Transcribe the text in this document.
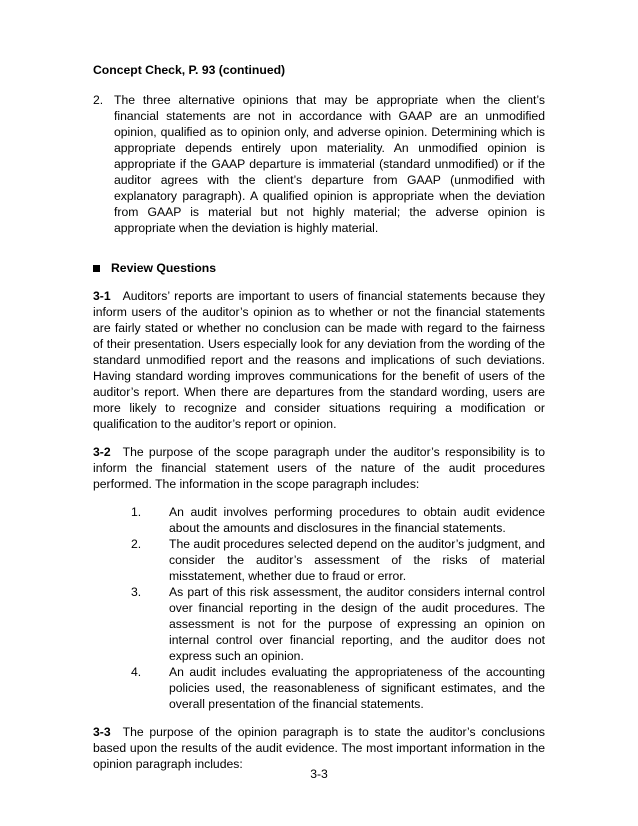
Concept Check, P. 93 (continued)
2. The three alternative opinions that may be appropriate when the client’s financial statements are not in accordance with GAAP are an unmodified opinion, qualified as to opinion only, and adverse opinion. Determining which is appropriate depends entirely upon materiality. An unmodified opinion is appropriate if the GAAP departure is immaterial (standard unmodified) or if the auditor agrees with the client’s departure from GAAP (unmodified with explanatory paragraph). A qualified opinion is appropriate when the deviation from GAAP is material but not highly material; the adverse opinion is appropriate when the deviation is highly material.
Review Questions

3-1 Auditors’ reports are important to users of financial statements because they inform users of the auditor’s opinion as to whether or not the financial statements are fairly stated or whether no conclusion can be made with regard to the fairness of their presentation. Users especially look for any deviation from the wording of the standard unmodified report and the reasons and implications of such deviations. Having standard wording improves communications for the benefit of users of the auditor’s report. When there are departures from the standard wording, users are more likely to recognize and consider situations requiring a modification or qualification to the auditor’s report or opinion.

3-2 The purpose of the scope paragraph under the auditor’s responsibility is to inform the financial statement users of the nature of the audit procedures performed. The information in the scope paragraph includes:

1.	An audit involves performing procedures to obtain audit evidence about the amounts and disclosures in the financial statements.
2.	The audit procedures selected depend on the auditor’s judgment, and consider the auditor’s assessment of the risks of material misstatement, whether due to fraud or error.
3.	As part of this risk assessment, the auditor considers internal control over financial reporting in the design of the audit procedures. The assessment is not for the purpose of expressing an opinion on internal control over financial reporting, and the auditor does not express such an opinion.
4.	An audit includes evaluating the appropriateness of the accounting policies used, the reasonableness of significant estimates, and the overall presentation of the financial statements.

3-3 The purpose of the opinion paragraph is to state the auditor’s conclusions based upon the results of the audit evidence. The most important information in the opinion paragraph includes:

3-3
